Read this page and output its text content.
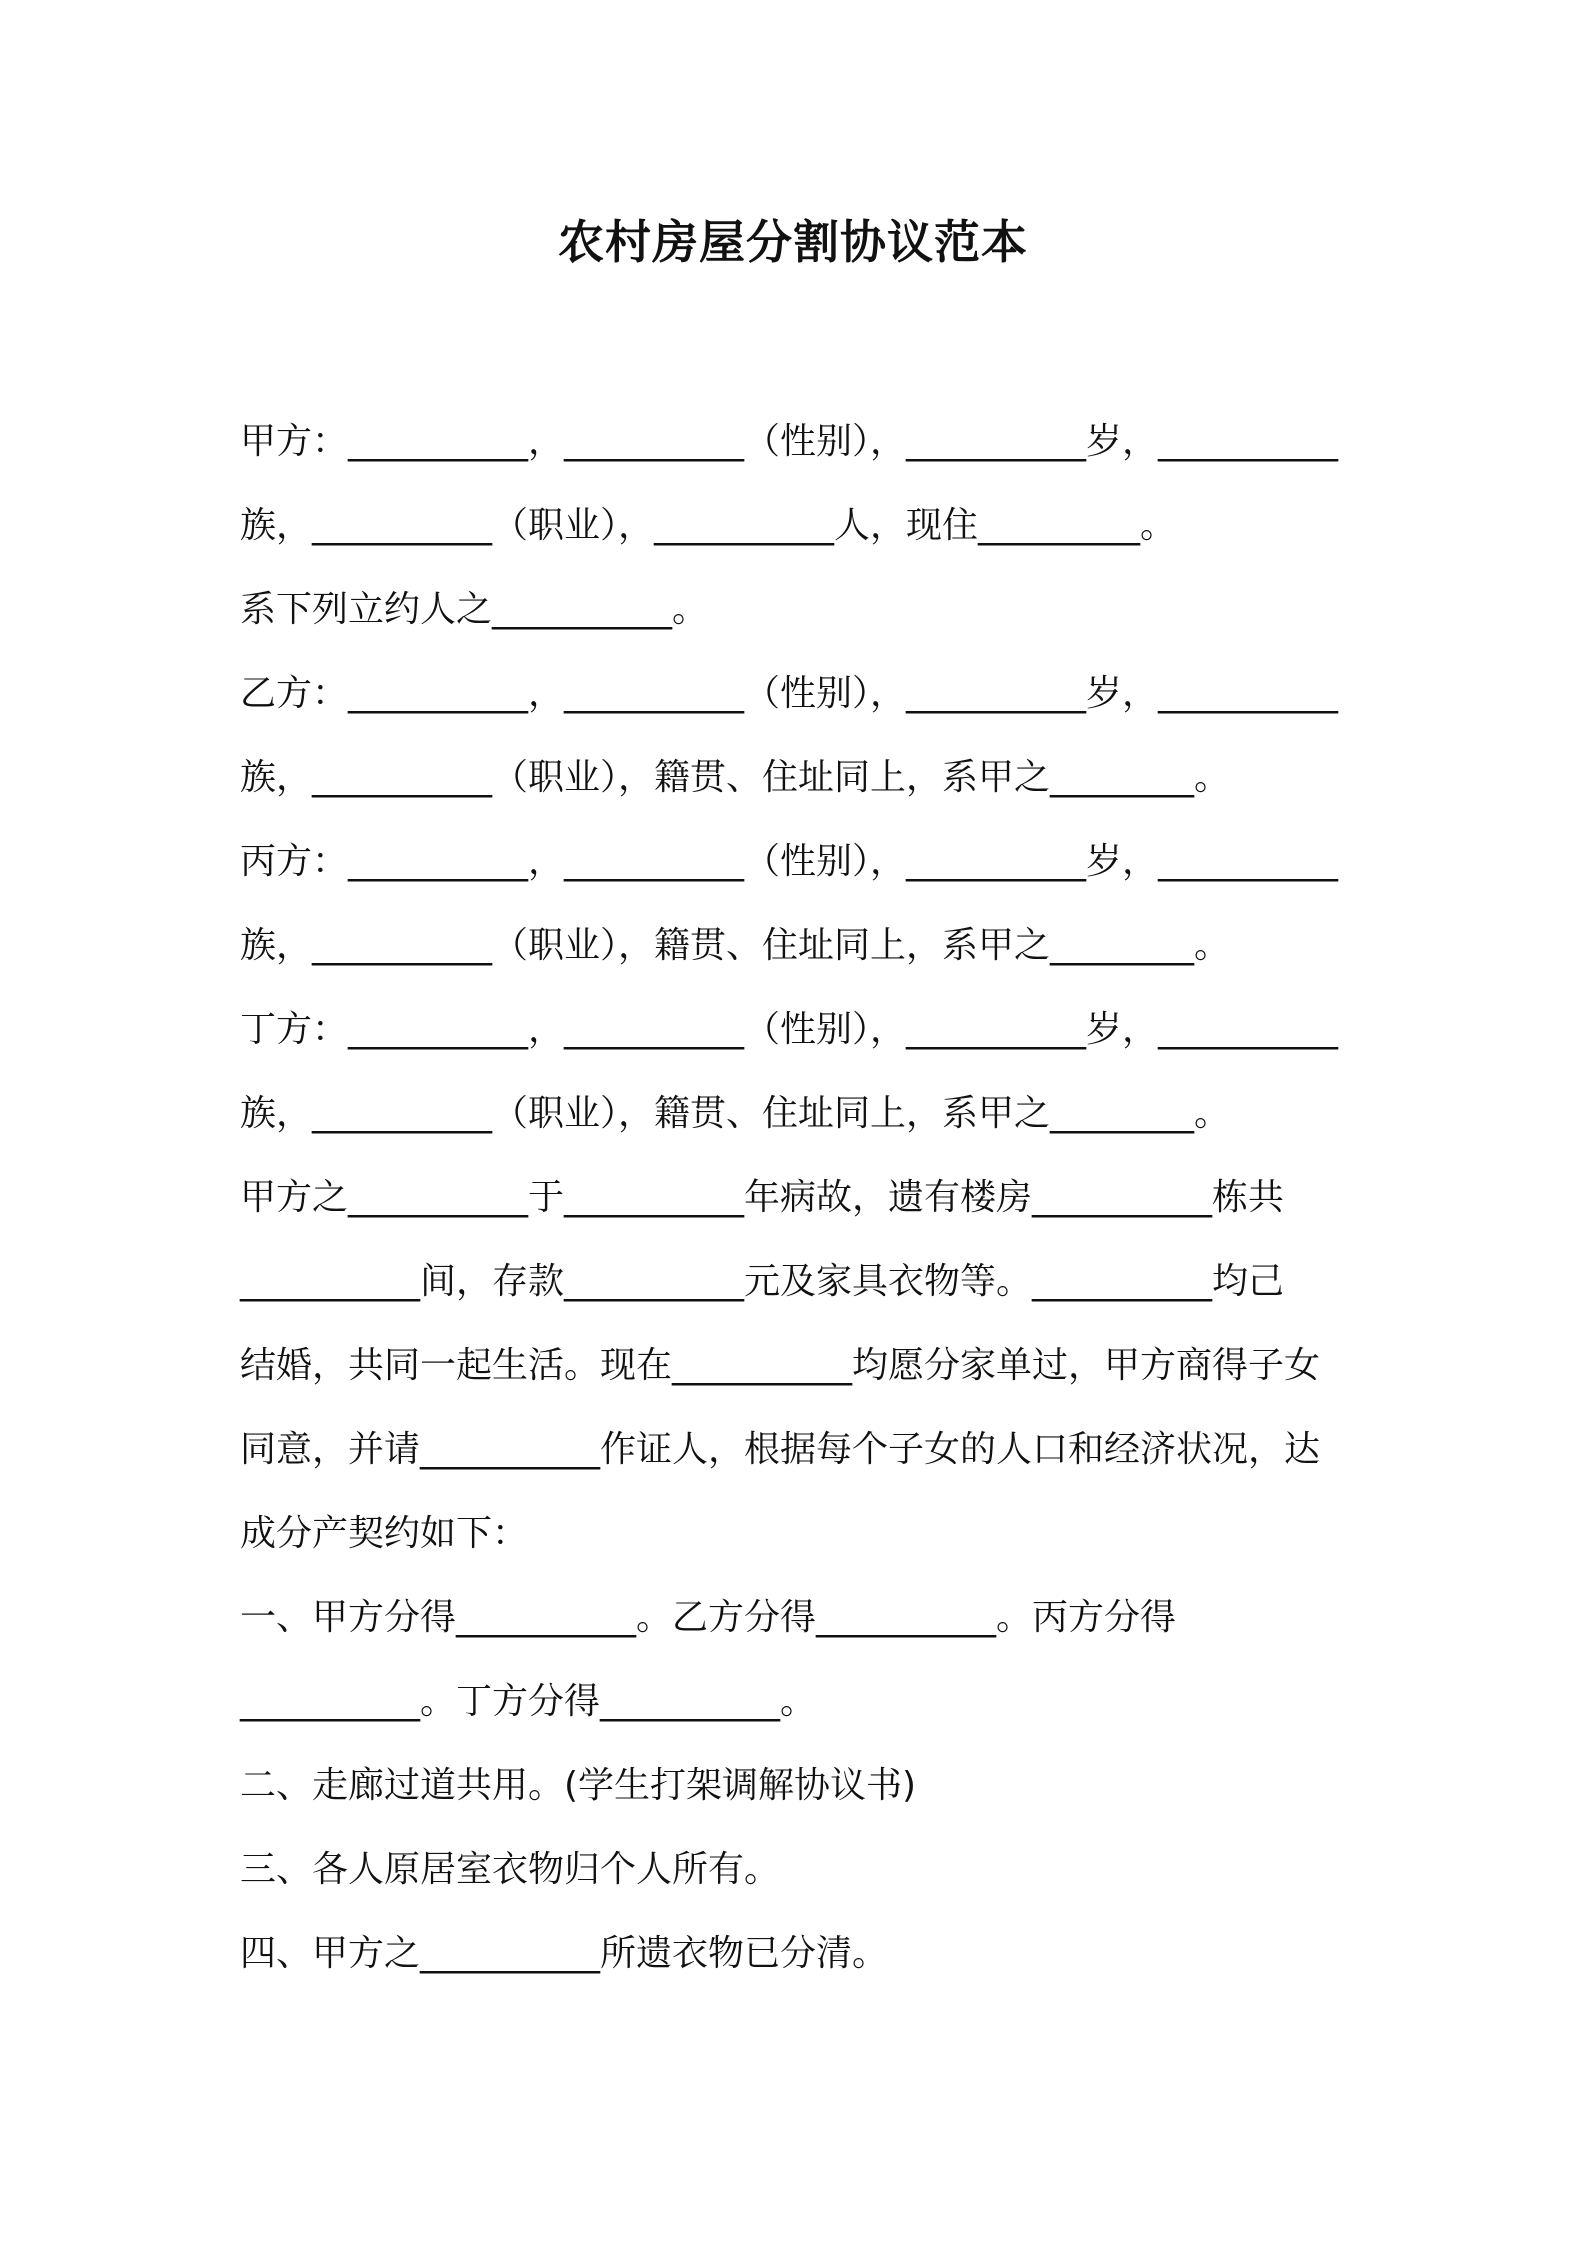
农村房屋分割协议范本
甲方：__________，__________（性别），__________岁，__________
族，__________（职业），__________人，现住_________。
系下列立约人之__________。
乙方：__________，__________（性别），__________岁，__________
族，__________（职业），籍贯、住址同上，系甲之________。
丙方：__________，__________（性别），__________岁，__________
族，__________（职业），籍贯、住址同上，系甲之________。
丁方：__________，__________（性别），__________岁，__________
族，__________（职业），籍贯、住址同上，系甲之________。
甲方之__________于__________年病故，遗有楼房__________栋共
__________间，存款__________元及家具衣物等。__________均己
结婚，共同一起生活。现在__________均愿分家单过，甲方商得子女
同意，并请__________作证人，根据每个子女的人口和经济状况，达
成分产契约如下：
一、甲方分得__________。乙方分得__________。丙方分得
__________。丁方分得__________。
二、走廊过道共用。(学生打架调解协议书)
三、各人原居室衣物归个人所有。
四、甲方之__________所遗衣物已分清。
